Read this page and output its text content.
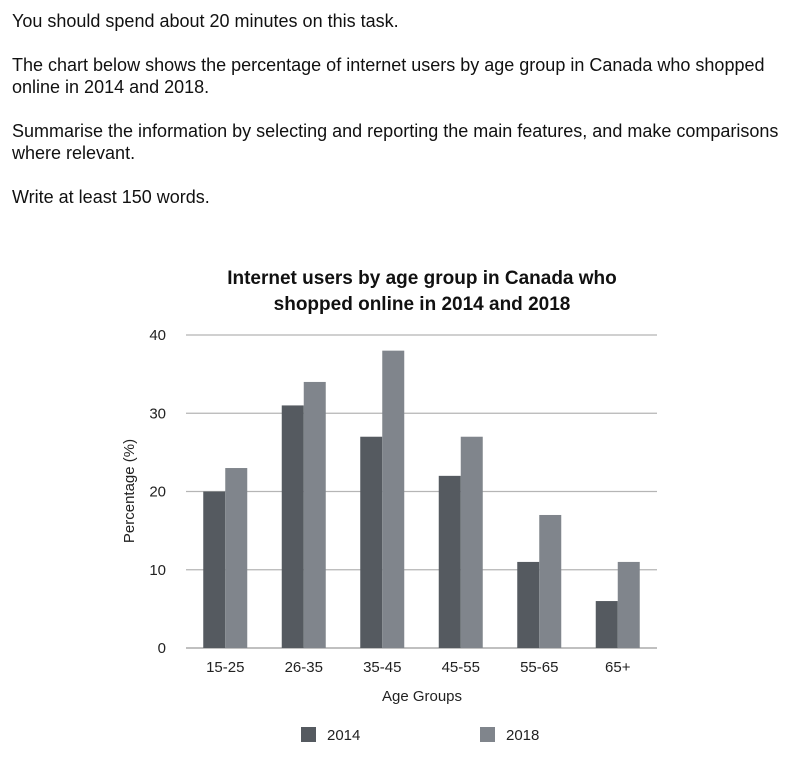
You should spend about 20 minutes on this task.

The chart below shows the percentage of internet users by age group in Canada who shopped online in 2014 and 2018.

Summarise the information by selecting and reporting the main features, and make comparisons where relevant.

Write at least 150 words.

Internet users by age group in Canada who
shopped online in 2014 and 2018
0
10
20
30
40
15-25	26-35	35-45	45-55	55-65	65+
Age Groups
Percentage (%)
2014	2018
